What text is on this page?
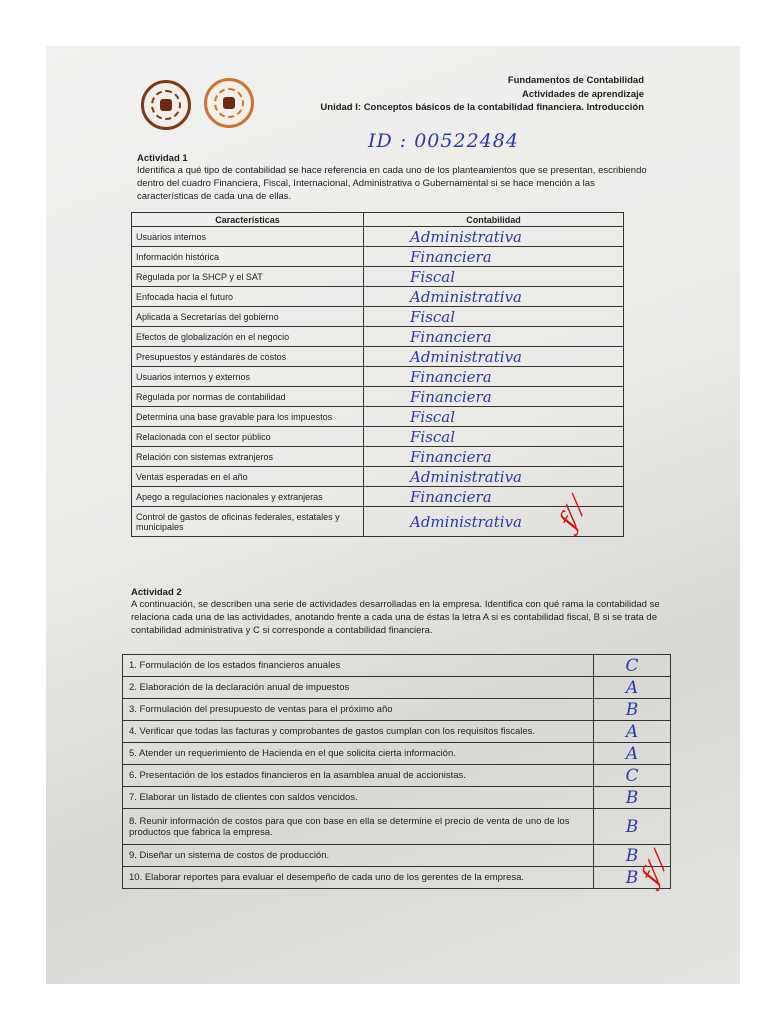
Fundamentos de Contabilidad
Actividades de aprendizaje
Unidad I: Conceptos básicos de la contabilidad financiera. Introducción
ID : 00522484
Actividad 1
Identifica a qué tipo de contabilidad se hace referencia en cada uno de los planteamientos que se presentan, escribiendo dentro del cuadro Financiera, Fiscal, Internacional, Administrativa o Gubernamental si se hace mención a las características de cada una de ellas.
Características	Contabilidad
Usuarios internos	Administrativa
Información histórica	Financiera
Regulada por la SHCP y el SAT	Fiscal
Enfocada hacia el futuro	Administrativa
Aplicada a Secretarías del gobierno	Fiscal
Efectos de globalización en el negocio	Financiera
Presupuestos y estándares de costos	Administrativa
Usuarios internos y externos	Financiera
Regulada por normas de contabilidad	Financiera
Determina una base gravable para los impuestos	Fiscal
Relacionada con el sector público	Fiscal
Relación con sistemas extranjeros	Financiera
Ventas esperadas en el año	Administrativa
Apego a regulaciones nacionales y extranjeras	Financiera
Control de gastos de oficinas federales, estatales y municipales	Administrativa
Actividad 2
A continuación, se describen una serie de actividades desarrolladas en la empresa. Identifica con qué rama la contabilidad se relaciona cada una de las actividades, anotando frente a cada una de éstas la letra A si es contabilidad fiscal, B si se trata de contabilidad administrativa y C si corresponde a contabilidad financiera.
1. Formulación de los estados financieros anuales	C
2. Elaboración de la declaración anual de impuestos	A
3. Formulación del presupuesto de ventas para el próximo año	B
4. Verificar que todas las facturas y comprobantes de gastos cumplan con los requisitos fiscales.	A
5. Atender un requerimiento de Hacienda en el que solicita cierta información.	A
6. Presentación de los estados financieros en la asamblea anual de accionistas.	C
7. Elaborar un listado de clientes con saldos vencidos.	B
8. Reunir información de costos para que con base en ella se determine el precio de venta de uno de los productos que fabrica la empresa.	B
9. Diseñar un sistema de costos de producción.	B
10. Elaborar reportes para evaluar el desempeño de cada uno de los gerentes de la empresa.	B
ƒ⁄ ⁄
ƒ⁄ ⁄
